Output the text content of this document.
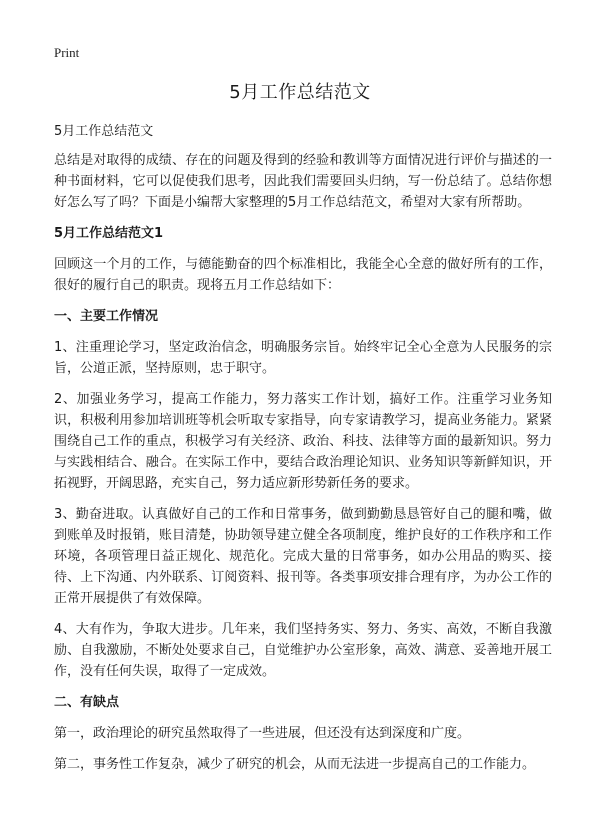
Print
5月工作总结范文

5月工作总结范文

总结是对取得的成绩、存在的问题及得到的经验和教训等方面情况进行评价与描述的一种书面材料，它可以促使我们思考，因此我们需要回头归纳，写一份总结了。总结你想好怎么写了吗？下面是小编帮大家整理的5月工作总结范文，希望对大家有所帮助。

5月工作总结范文1

回顾这一个月的工作，与德能勤奋的四个标准相比，我能全心全意的做好所有的工作，很好的履行自己的职责。现将五月工作总结如下：

一、主要工作情况

1、注重理论学习，坚定政治信念，明确服务宗旨。始终牢记全心全意为人民服务的宗旨，公道正派，坚持原则，忠于职守。

2、加强业务学习，提高工作能力，努力落实工作计划，搞好工作。注重学习业务知识，积极利用参加培训班等机会听取专家指导，向专家请教学习，提高业务能力。紧紧围绕自己工作的重点，积极学习有关经济、政治、科技、法律等方面的最新知识。努力与实践相结合、融合。在实际工作中，要结合政治理论知识、业务知识等新鲜知识，开拓视野，开阔思路，充实自己，努力适应新形势新任务的要求。

3、勤奋进取。认真做好自己的工作和日常事务，做到勤勤恳恳管好自己的腿和嘴，做到账单及时报销，账目清楚，协助领导建立健全各项制度，维护良好的工作秩序和工作环境，各项管理日益正规化、规范化。完成大量的日常事务，如办公用品的购买、接待、上下沟通、内外联系、订阅资料、报刊等。各类事项安排合理有序，为办公工作的正常开展提供了有效保障。

4、大有作为，争取大进步。几年来，我们坚持务实、努力、务实、高效，不断自我激励、自我激励，不断处处要求自己，自觉维护办公室形象，高效、满意、妥善地开展工作，没有任何失误，取得了一定成效。

二、有缺点

第一，政治理论的研究虽然取得了一些进展，但还没有达到深度和广度。

第二，事务性工作复杂，减少了研究的机会，从而无法进一步提高自己的工作能力。
